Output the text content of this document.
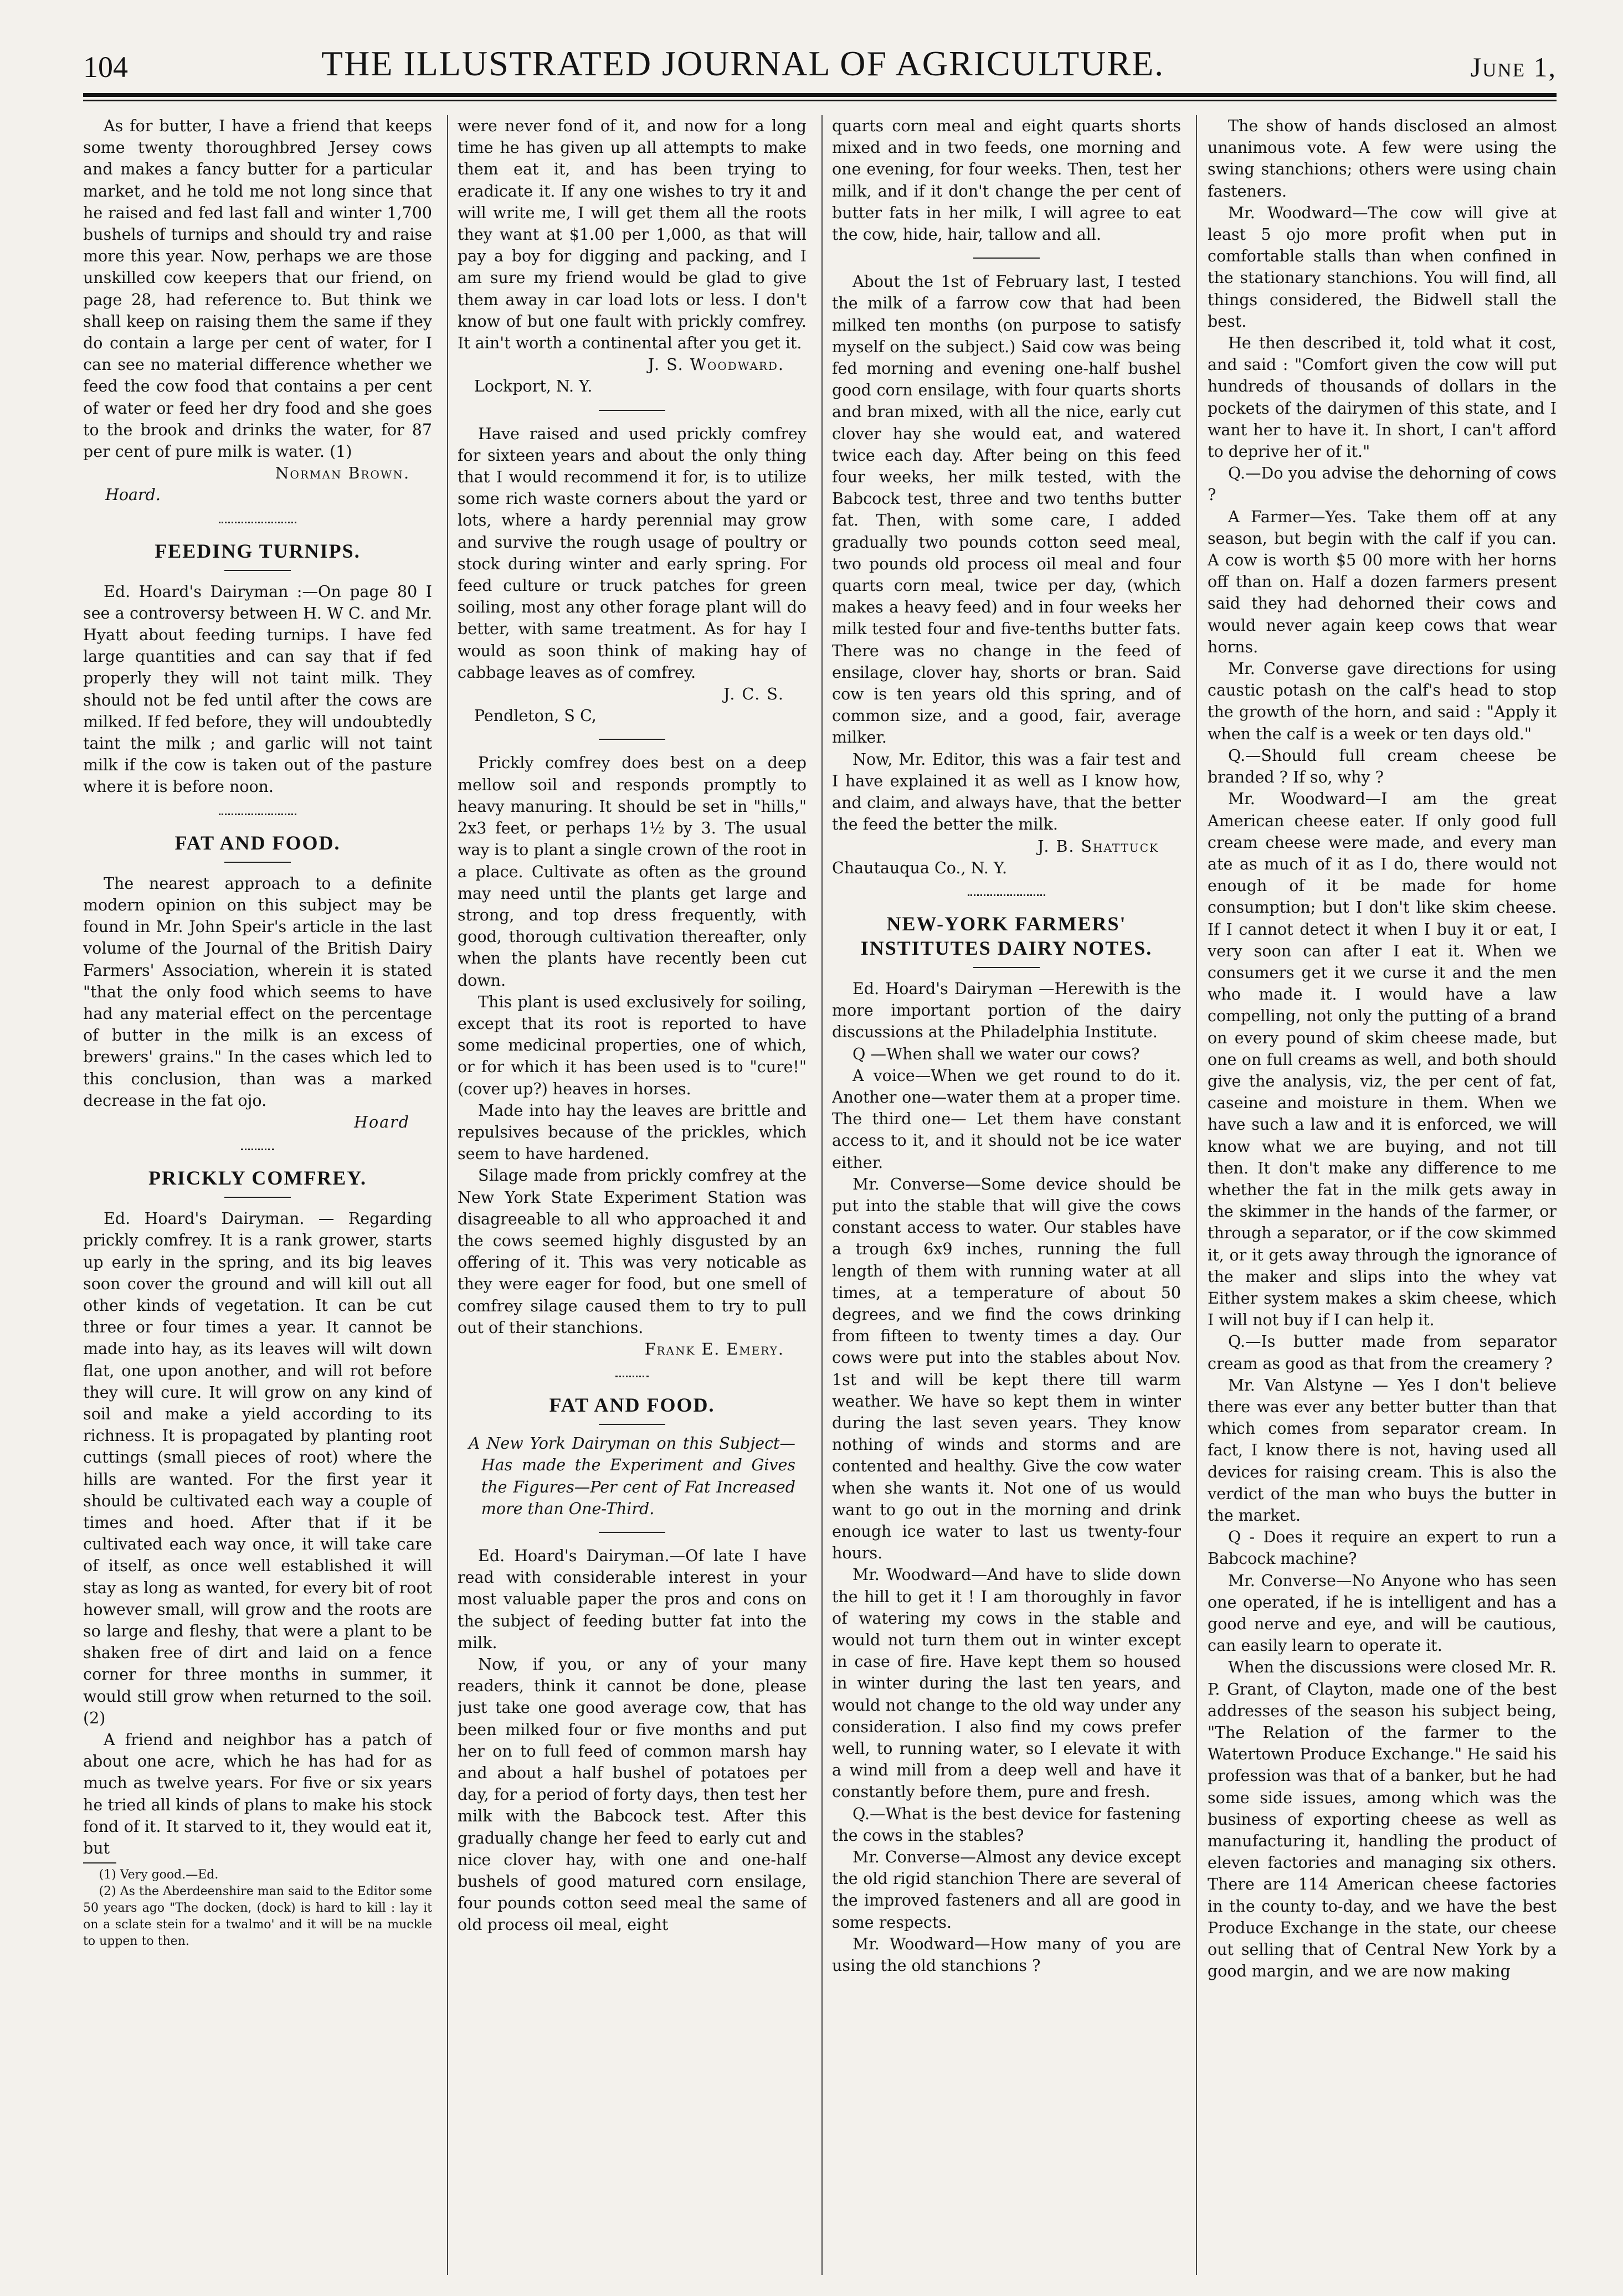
104	THE ILLUSTRATED JOURNAL OF AGRICULTURE.	June 1,

As for butter, I have a friend that keeps some twenty thoroughbred Jersey cows and makes a fancy butter for a particular market, and he told me not long since that he raised and fed last fall and winter 1,700 bushels of turnips and should try and raise more this year. Now, perhaps we are those unskilled cow keepers that our friend, on page 28, had reference to. But think we shall keep on raising them the same if they do contain a large per cent of water, for I can see no material difference whether we feed the cow food that contains a per cent of water or feed her dry food and she goes to the brook and drinks the water, for 87 per cent of pure milk is water. (1)

Norman Brown.
Hoard.
FEEDING TURNIPS.

Ed. Hoard's Dairyman :—On page 80 I see a controversy between H. W C. and Mr. Hyatt about feeding turnips. I have fed large quantities and can say that if fed properly they will not taint milk. They should not be fed until after the cows are milked. If fed before, they will undoubtedly taint the milk ; and garlic will not taint milk if the cow is taken out of the pasture where it is before noon.

FAT AND FOOD.

The nearest approach to a definite modern opinion on this subject may be found in Mr. John Speir's article in the last volume of the Journal of the British Dairy Farmers' Association, wherein it is stated "that the only food which seems to have had any material effect on the percentage of butter in the milk is an excess of brewers' grains." In the cases which led to this conclusion, than was a marked decrease in the fat ojo.

Hoard
PRICKLY COMFREY.

Ed. Hoard's Dairyman. — Regarding prickly comfrey. It is a rank grower, starts up early in the spring, and its big leaves soon cover the ground and will kill out all other kinds of vegetation. It can be cut three or four times a year. It cannot be made into hay, as its leaves will wilt down flat, one upon another, and will rot before they will cure. It will grow on any kind of soil and make a yield according to its richness. It is propagated by planting root cuttings (small pieces of root) where the hills are wanted. For the first year it should be cultivated each way a couple of times and hoed. After that if it be cultivated each way once, it will take care of itself, as once well established it will stay as long as wanted, for every bit of root however small, will grow and the roots are so large and fleshy, that were a plant to be shaken free of dirt and laid on a fence corner for three months in summer, it would still grow when returned to the soil.(2)

A friend and neighbor has a patch of about one acre, which he has had for as much as twelve years. For five or six years he tried all kinds of plans to make his stock fond of it. It starved to it, they would eat it, but

(1) Very good.—Ed.

(2) As the Aberdeenshire man said to the Editor some 50 years ago "The docken, (dock) is hard to kill : lay it on a sclate stein for a twalmo' and it will be na muckle to uppen to then.

were never fond of it, and now for a long time he has given up all attempts to make them eat it, and has been trying to eradicate it. If any one wishes to try it and will write me, I will get them all the roots they want at $1.00 per 1,000, as that will pay a boy for digging and packing, and I am sure my friend would be glad to give them away in car load lots or less. I don't know of but one fault with prickly comfrey. It ain't worth a continental after you get it.

J. S. Woodward.
Lockport, N. Y.

Have raised and used prickly comfrey for sixteen years and about the only thing that I would recommend it for, is to utilize some rich waste corners about the yard or lots, where a hardy perennial may grow and survive the rough usage of poultry or stock during winter and early spring. For feed culture or truck patches for green soiling, most any other forage plant will do better, with same treatment. As for hay I would as soon think of making hay of cabbage leaves as of comfrey.

J. C. S.
Pendleton, S C,

Prickly comfrey does best on a deep mellow soil and responds promptly to heavy manuring. It should be set in "hills," 2x3 feet, or perhaps 1½ by 3. The usual way is to plant a single crown of the root in a place. Cultivate as often as the ground may need until the plants get large and strong, and top dress frequently, with good, thorough cultivation thereafter, only when the plants have recently been cut down.

This plant is used exclusively for soiling, except that its root is reported to have some medicinal properties, one of which, or for which it has been used is to "cure!" (cover up?) heaves in horses.

Made into hay the leaves are brittle and repulsives because of the prickles, which seem to have hardened.

Silage made from prickly comfrey at the New York State Experiment Station was disagreeable to all who approached it and the cows seemed highly disgusted by an offering of it. This was very noticable as they were eager for food, but one smell of comfrey silage caused them to try to pull out of their stanchions.

Frank E. Emery.
FAT AND FOOD.
A New York Dairyman on this Subject—Has made the Experiment and Gives the Figures—Per cent of Fat Increased more than One-Third.

Ed. Hoard's Dairyman.—Of late I have read with considerable interest in your most valuable paper the pros and cons on the subject of feeding butter fat into the milk.

Now, if you, or any of your many readers, think it cannot be done, please just take one good average cow, that has been milked four or five months and put her on to full feed of common marsh hay and about a half bushel of potatoes per day, for a period of forty days, then test her milk with the Babcock test. After this gradually change her feed to early cut and nice clover hay, with one and one-half bushels of good matured corn ensilage, four pounds cotton seed meal the same of old process oil meal, eight

quarts corn meal and eight quarts shorts mixed and in two feeds, one morning and one evening, for four weeks. Then, test her milk, and if it don't change the per cent of butter fats in her milk, I will agree to eat the cow, hide, hair, tallow and all.

About the 1st of February last, I tested the milk of a farrow cow that had been milked ten months (on purpose to satisfy myself on the subject.) Said cow was being fed morning and evening one-half bushel good corn ensilage, with four quarts shorts and bran mixed, with all the nice, early cut clover hay she would eat, and watered twice each day. After being on this feed four weeks, her milk tested, with the Babcock test, three and two tenths butter fat. Then, with some care, I added gradually two pounds cotton seed meal, two pounds old process oil meal and four quarts corn meal, twice per day, (which makes a heavy feed) and in four weeks her milk tested four and five-tenths butter fats. There was no change in the feed of ensilage, clover hay, shorts or bran. Said cow is ten years old this spring, and of common size, and a good, fair, average milker.

Now, Mr. Editor, this was a fair test and I have explained it as well as I know how, and claim, and always have, that the better the feed the better the milk.

J. B. Shattuck
Chautauqua Co., N. Y.
NEW-YORK FARMERS' INSTITUTES DAIRY NOTES.

Ed. Hoard's Dairyman —Herewith is the more important portion of the dairy discussions at the Philadelphia Institute.

Q —When shall we water our cows?

A voice—When we get round to do it. Another one—water them at a proper time. The third one— Let them have constant access to it, and it should not be ice water either.

Mr. Converse—Some device should be put into the stable that will give the cows constant access to water. Our stables have a trough 6x9 inches, running the full length of them with running water at all times, at a temperature of about 50 degrees, and we find the cows drinking from fifteen to twenty times a day. Our cows were put into the stables about Nov. 1st and will be kept there till warm weather. We have so kept them in winter during the last seven years. They know nothing of winds and storms and are contented and healthy. Give the cow water when she wants it. Not one of us would want to go out in the morning and drink enough ice water to last us twenty-four hours.

Mr. Woodward—And have to slide down the hill to get it ! I am thoroughly in favor of watering my cows in the stable and would not turn them out in winter except in case of fire. Have kept them so housed in winter during the last ten years, and would not change to the old way under any consideration. I also find my cows prefer well, to running water, so I elevate it with a wind mill from a deep well and have it constantly before them, pure and fresh.

Q.—What is the best device for fastening the cows in the stables?

Mr. Converse—Almost any device except the old rigid stanchion There are several of the improved fasteners and all are good in some respects.

Mr. Woodward—How many of you are using the old stanchions ?

The show of hands disclosed an almost unanimous vote. A few were using the swing stanchions; others were using chain fasteners.

Mr. Woodward—The cow will give at least 5 ojo more profit when put in comfortable stalls than when confined in the stationary stanchions. You will find, all things considered, the Bidwell stall the best.

He then described it, told what it cost, and said : "Comfort given the cow will put hundreds of thousands of dollars in the pockets of the dairymen of this state, and I want her to have it. In short, I can't afford to deprive her of it."

Q.—Do you advise the dehorning of cows ?

A Farmer—Yes. Take them off at any season, but begin with the calf if you can. A cow is worth $5 00 more with her horns off than on. Half a dozen farmers present said they had dehorned their cows and would never again keep cows that wear horns.

Mr. Converse gave directions for using caustic potash on the calf's head to stop the growth of the horn, and said : "Apply it when the calf is a week or ten days old."

Q.—Should full cream cheese be branded ? If so, why ?

Mr. Woodward—I am the great American cheese eater. If only good full cream cheese were made, and every man ate as much of it as I do, there would not enough of it be made for home consumption; but I don't like skim cheese. If I cannot detect it when I buy it or eat, I very soon can after I eat it. When we consumers get it we curse it and the men who made it. I would have a law compelling, not only the putting of a brand on every pound of skim cheese made, but one on full creams as well, and both should give the analysis, viz, the per cent of fat, caseine and moisture in them. When we have such a law and it is enforced, we will know what we are buying, and not till then. It don't make any difference to me whether the fat in the milk gets away in the skimmer in the hands of the farmer, or through a separator, or if the cow skimmed it, or it gets away through the ignorance of the maker and slips into the whey vat Either system makes a skim cheese, which I will not buy if I can help it.

Q.—Is butter made from separator cream as good as that from the creamery ?

Mr. Van Alstyne — Yes I don't believe there was ever any better butter than that which comes from separator cream. In fact, I know there is not, having used all devices for raising cream. This is also the verdict of the man who buys the butter in the market.

Q - Does it require an expert to run a Babcock machine?

Mr. Converse—No Anyone who has seen one operated, if he is intelligent and has a good nerve and eye, and will be cautious, can easily learn to operate it.

When the discussions were closed Mr. R. P. Grant, of Clayton, made one of the best addresses of the season his subject being, "The Relation of the farmer to the Watertown Produce Exchange." He said his profession was that of a banker, but he had some side issues, among which was the business of exporting cheese as well as manufacturing it, handling the product of eleven factories and managing six others. There are 114 American cheese factories in the county to-day, and we have the best Produce Exchange in the state, our cheese out selling that of Central New York by a good margin, and we are now making
